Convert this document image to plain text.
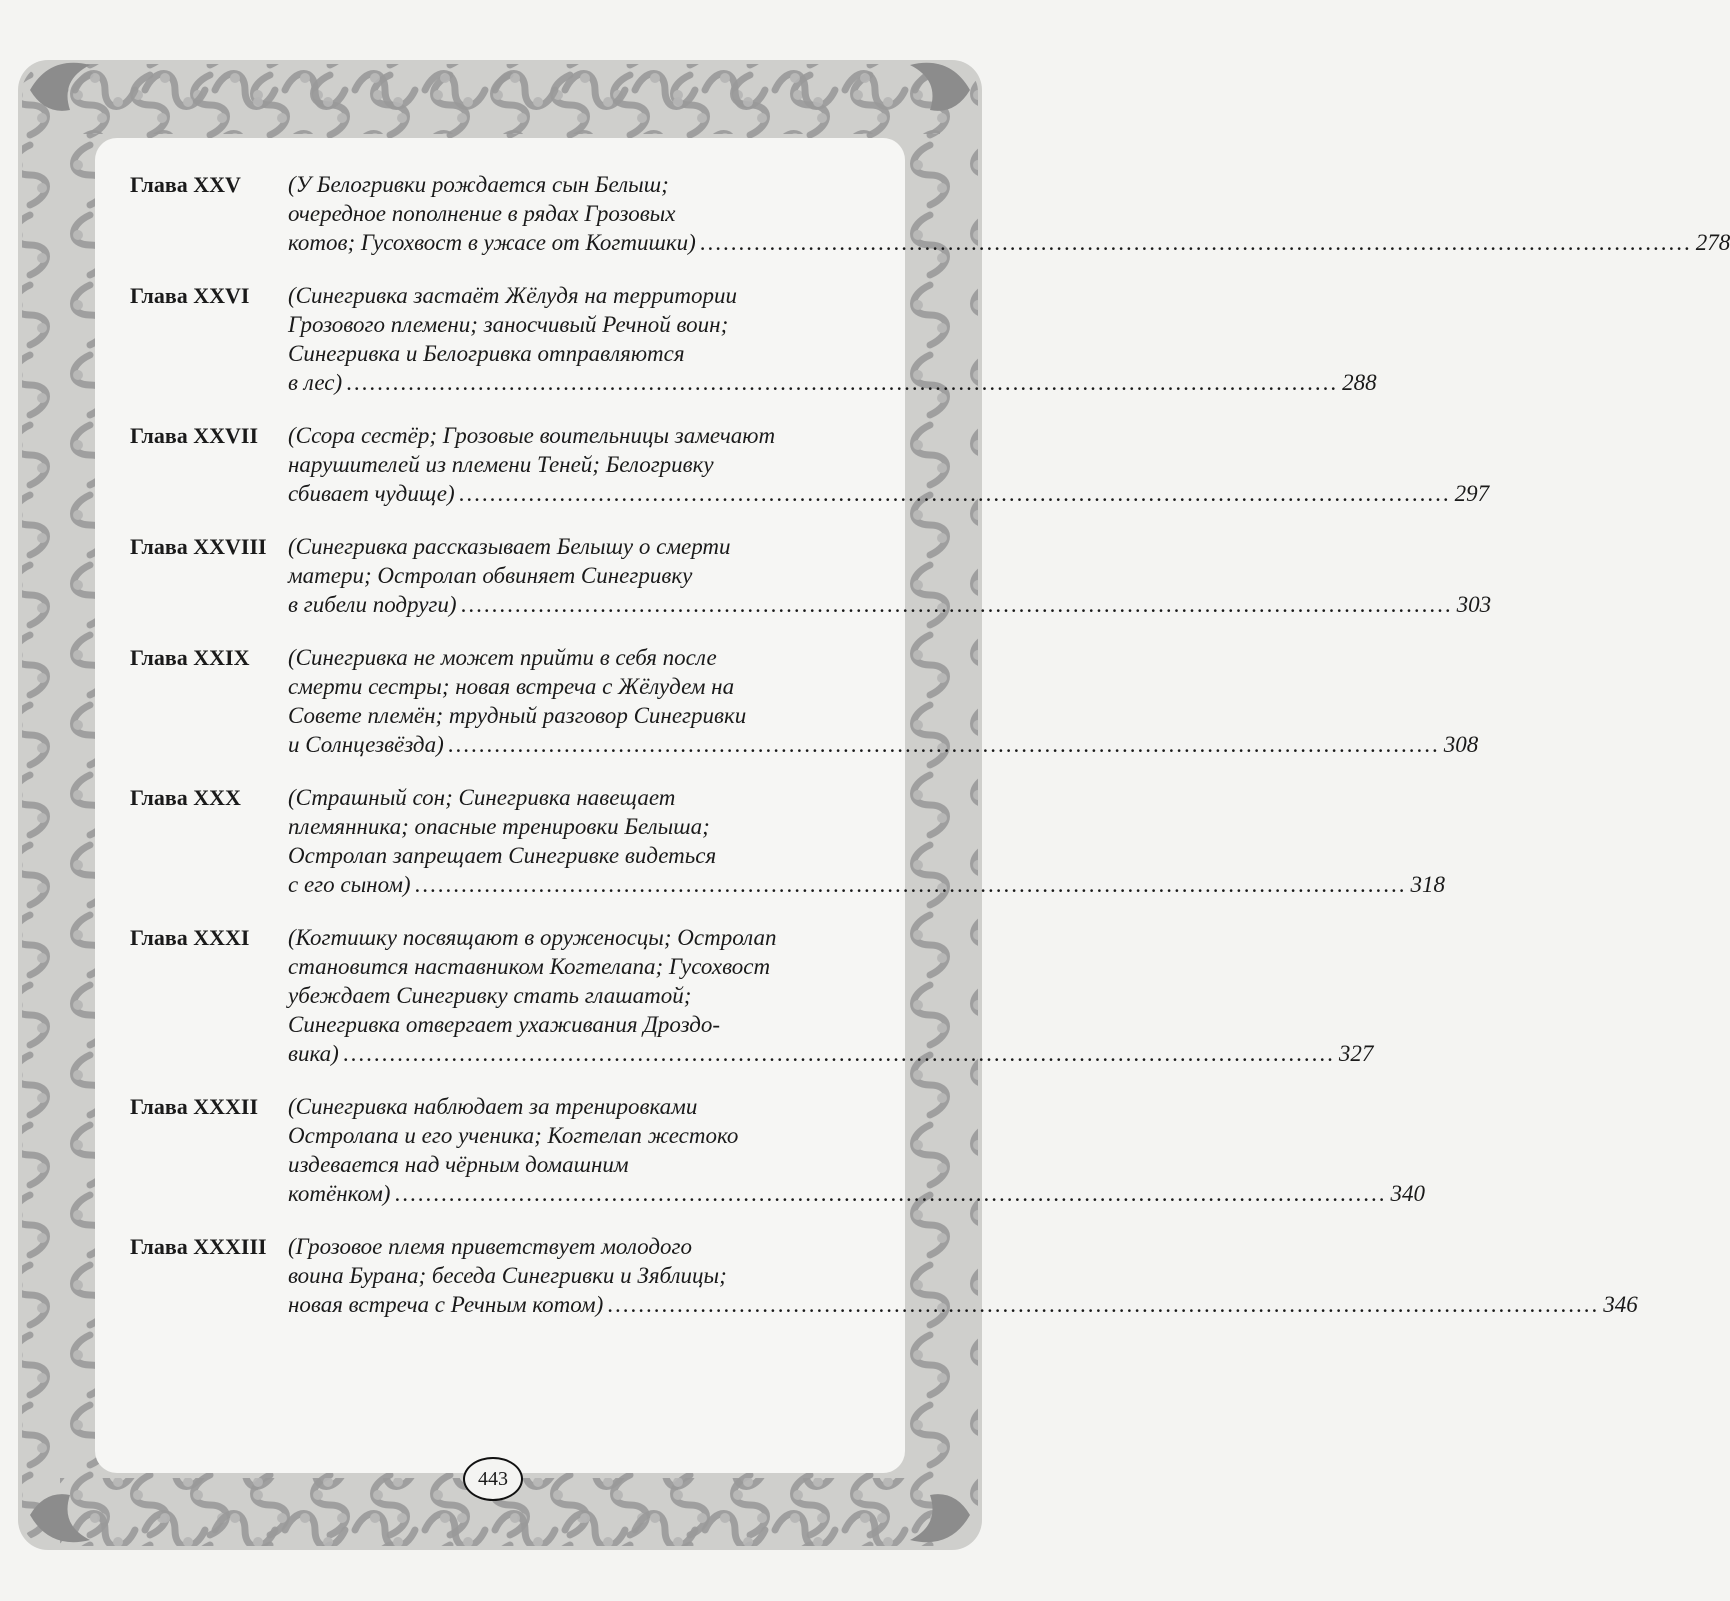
Глава XXV	(У Белогривки рождается сын Белыш;
очередное пополнение в рядах Грозовых
котов; Гусохвост в ужасе от Когтишки) .....	278
Глава XXVI	(Синегривка застаёт Жёлудя на территории
Грозового племени; заносчивый Речной воин;
Синегривка и Белогривка отправляются
в лес) .....	288
Глава XXVII	(Ссора сестёр; Грозовые воительницы замечают
нарушителей из племени Теней; Белогривку
сбивает чудище) .....	297
Глава XXVIII (Синегривка рассказывает Белышу о смерти
матери; Остролап обвиняет Синегривку
в гибели подруги) .....	303
Глава XXIX	(Синегривка не может прийти в себя после
смерти сестры; новая встреча с Жёлудем на
Совете племён; трудный разговор Синегривки
и Солнцезвёзда) .....	308
Глава XXX	(Страшный сон; Синегривка навещает
племянника; опасные тренировки Белыша;
Остролап запрещает Синегривке видеться
с его сыном) .....	318
Глава XXXI	(Когтишку посвящают в оруженосцы; Остролап
становится наставником Когтелапа; Гусохвост
убеждает Синегривку стать глашатой;
Синегривка отвергает ухаживания Дроздо-
вика) .....	327
Глава XXXII	(Синегривка наблюдает за тренировками
Остролапа и его ученика; Когтелап жестоко
издевается над чёрным домашним
котёнком) .....	340
Глава XXXIII (Грозовое племя приветствует молодого
воина Бурана; беседа Синегривки и Зяблицы;
новая встреча с Речным котом) .....	346
443
